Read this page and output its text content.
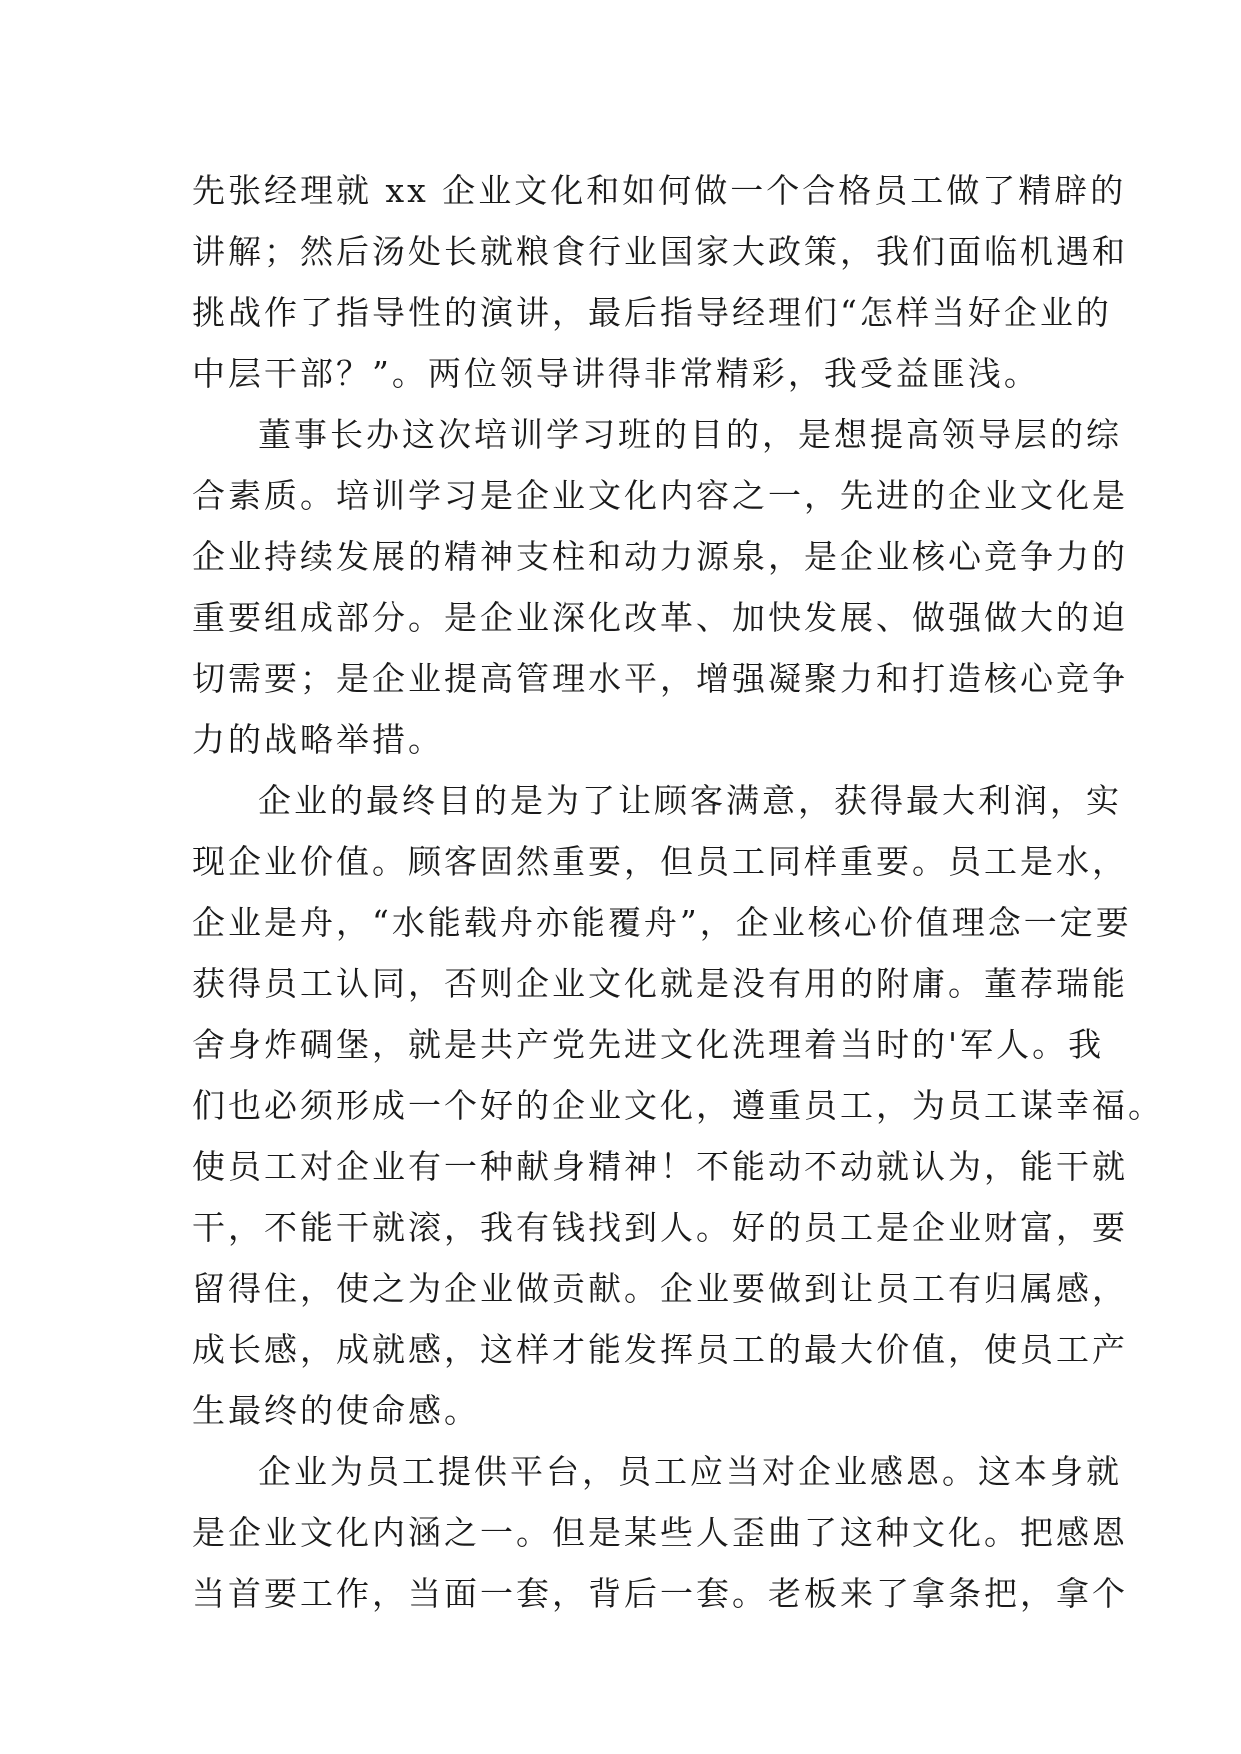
先张经理就 xx 企业文化和如何做一个合格员工做了精辟的
讲解；然后汤处长就粮食行业国家大政策，我们面临机遇和
挑战作了指导性的演讲，最后指导经理们“怎样当好企业的
中层干部？”。两位领导讲得非常精彩，我受益匪浅。
董事长办这次培训学习班的目的，是想提高领导层的综
合素质。培训学习是企业文化内容之一，先进的企业文化是
企业持续发展的精神支柱和动力源泉，是企业核心竞争力的
重要组成部分。是企业深化改革、加快发展、做强做大的迫
切需要；是企业提高管理水平，增强凝聚力和打造核心竞争
力的战略举措。
企业的最终目的是为了让顾客满意，获得最大利润，实
现企业价值。顾客固然重要，但员工同样重要。员工是水，
企业是舟，“水能载舟亦能覆舟”，企业核心价值理念一定要
获得员工认同，否则企业文化就是没有用的附庸。董荐瑞能
舍身炸碉堡，就是共产党先进文化洗理着当时的'军人。我
们也必须形成一个好的企业文化，遵重员工，为员工谋幸福。
使员工对企业有一种献身精神！不能动不动就认为，能干就
干，不能干就滚，我有钱找到人。好的员工是企业财富，要
留得住，使之为企业做贡献。企业要做到让员工有归属感，
成长感，成就感，这样才能发挥员工的最大价值，使员工产
生最终的使命感。
企业为员工提供平台，员工应当对企业感恩。这本身就
是企业文化内涵之一。但是某些人歪曲了这种文化。把感恩
当首要工作，当面一套，背后一套。老板来了拿条把，拿个
